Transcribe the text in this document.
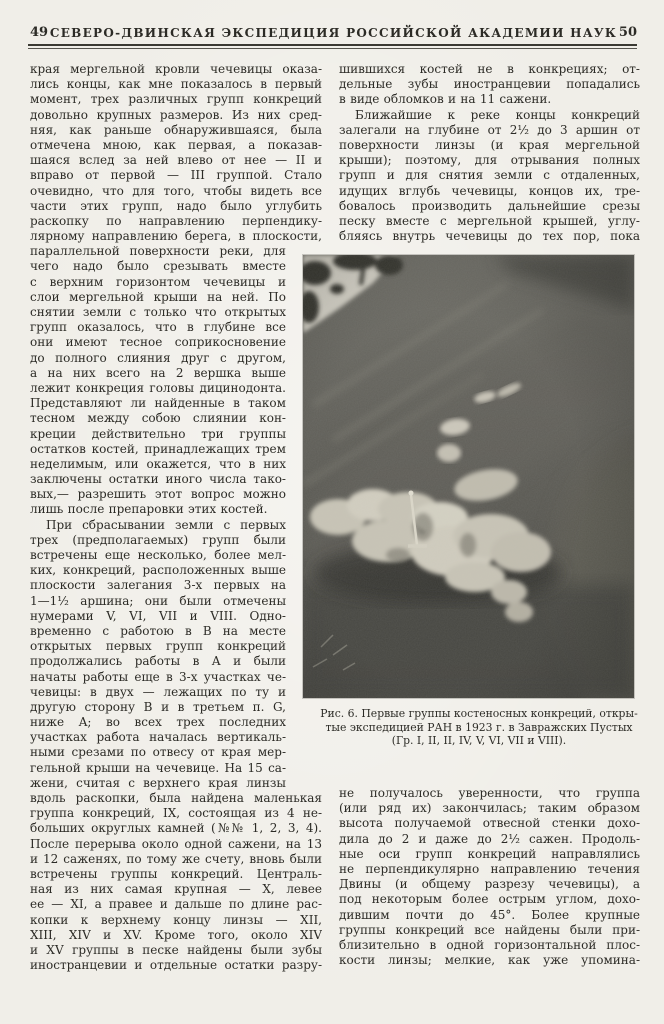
49 СЕВЕРО-ДВИНСКАЯ ЭКСПЕДИЦИЯ РОССИЙСКОЙ АКАДЕМИИ НАУК 50
края мергельной кровли чечевицы оказа-
лись концы, как мне показалось в первый
момент, трех различных групп конкреций
довольно крупных размеров. Из них сред-
няя, как раньше обнаружившаяся, была
отмечена мною, как первая, а показав-
шаяся вслед за ней влево от нее — II и
вправо от первой — III группой. Стало
очевидно, что для того, чтобы видеть все
части этих групп, надо было углубить
раскопку по направлению перпендику-
лярному направлению берега, в плоскости,
параллельной поверхности реки, для
чего надо было срезывать вместе
с верхним горизонтом чечевицы и
слои мергельной крыши на ней. По
снятии земли с только что открытых
групп оказалось, что в глубине все
они имеют тесное соприкосновение
до полного слияния друг с другом,
а на них всего на 2 вершка выше
лежит конкреция головы дицинодонта.
Представляют ли найденные в таком
тесном между собою слиянии кон-
креции действительно три группы
остатков костей, принадлежащих трем
неделимым, или окажется, что в них
заключены остатки иного числа тако-
вых,— разрешить этот вопрос можно
лишь после препаровки этих костей.
При сбрасывании земли с первых
трех (предполагаемых) групп были
встречены еще несколько, более мел-
ких, конкреций, расположенных выше
плоскости залегания 3-х первых на
1—1½ аршина; они были отмечены
нумерами V, VI, VII и VIII. Одно-
временно с работою в B на месте
открытых первых групп конкреций
продолжались работы в A и были
начаты работы еще в 3-х участках че-
чевицы: в двух — лежащих по ту и
другую сторону B и в третьем п. G,
ниже A; во всех трех последних
участках работа началась вертикаль-
ными срезами по отвесу от края мер-
гельной крыши на чечевице. На 15 са-
жени, считая с верхнего края линзы
вдоль раскопки, была найдена маленькая
группа конкреций, IX, состоящая из 4 не-
больших округлых камней (№№ 1, 2, 3, 4).
После перерыва около одной сажени, на 13
и 12 саженях, по тому же счету, вновь были
встречены группы конкреций. Централь-
ная из них самая крупная — X, левее
ее — XI, а правее и дальше по длине рас-
копки к верхнему концу линзы — XII,
XIII, XIV и XV. Кроме того, около XIV
и XV группы в песке найдены были зубы
иностранцевии и отдельные остатки разру-
шившихся костей не в конкрециях; от-
дельные зубы иностранцевии попадались
в виде обломков и на 11 сажени.
Ближайшие к реке концы конкреций
залегали на глубине от 2½ до 3 аршин от
поверхности линзы (и края мергельной
крыши); поэтому, для отрывания полных
групп и для снятия земли с отдаленных,
идущих вглубь чечевицы, концов их, тре-
бовалось производить дальнейшие срезы
песку вместе с мергельной крышей, углу-
бляясь внутрь чечевицы до тех пор, пока
Рис. 6. Первые группы костеносных конкреций, откры-
тые экспедицией РАН в 1923 г. в Завражских Пустых
(Гр. I, II, II, IV, V, VI, VII и VIII).
не получалось уверенности, что группа
(или ряд их) закончилась; таким образом
высота получаемой отвесной стенки дохо-
дила до 2 и даже до 2½ сажен. Продоль-
ные оси групп конкреций направлялись
не перпендикулярно направлению течения
Двины (и общему разрезу чечевицы), а
под некоторым более острым углом, дохо-
дившим почти до 45°. Более крупные
группы конкреций все найдены были при-
близительно в одной горизонтальной плос-
кости линзы; мелкие, как уже упомина-
